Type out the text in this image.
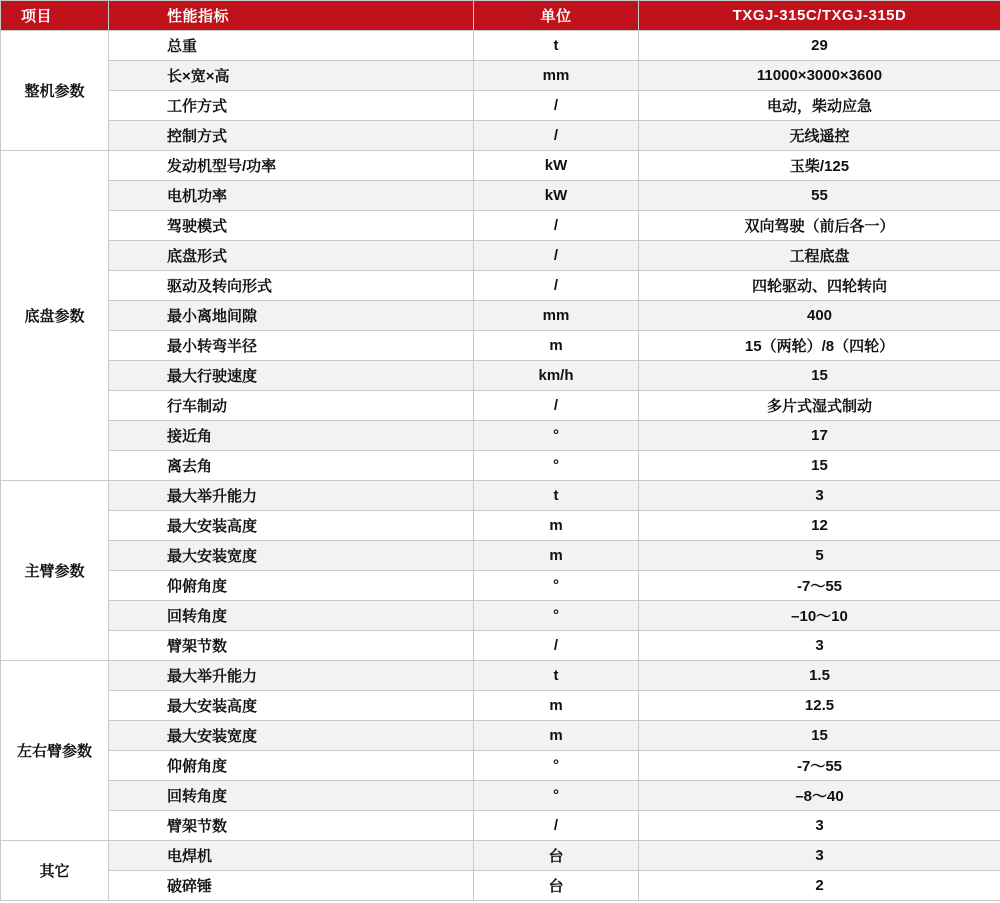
项目	性能指标	单位	TXGJ-315C/TXGJ-315D
整机参数	总重	t	29
	长×宽×高	mm	11000×3000×3600
	工作方式	/	电动，柴动应急
	控制方式	/	无线遥控
底盘参数	发动机型号/功率	kW	玉柴/125
	电机功率	kW	55
	驾驶模式	/	双向驾驶（前后各一）
	底盘形式	/	工程底盘
	驱动及转向形式	/	四轮驱动、四轮转向
	最小离地间隙	mm	400
	最小转弯半径	m	15（两轮）/8（四轮）
	最大行驶速度	km/h	15
	行车制动	/	多片式湿式制动
	接近角	°	17
	离去角	°	15
主臂参数	最大举升能力	t	3
	最大安装高度	m	12
	最大安装宽度	m	5
	仰俯角度	°	-7～55
	回转角度	°	–10～10
	臂架节数	/	3
左右臂参数	最大举升能力	t	1.5
	最大安装高度	m	12.5
	最大安装宽度	m	15
	仰俯角度	°	-7～55
	回转角度	°	–8～40
	臂架节数	/	3
其它	电焊机	台	3
	破碎锤	台	2
